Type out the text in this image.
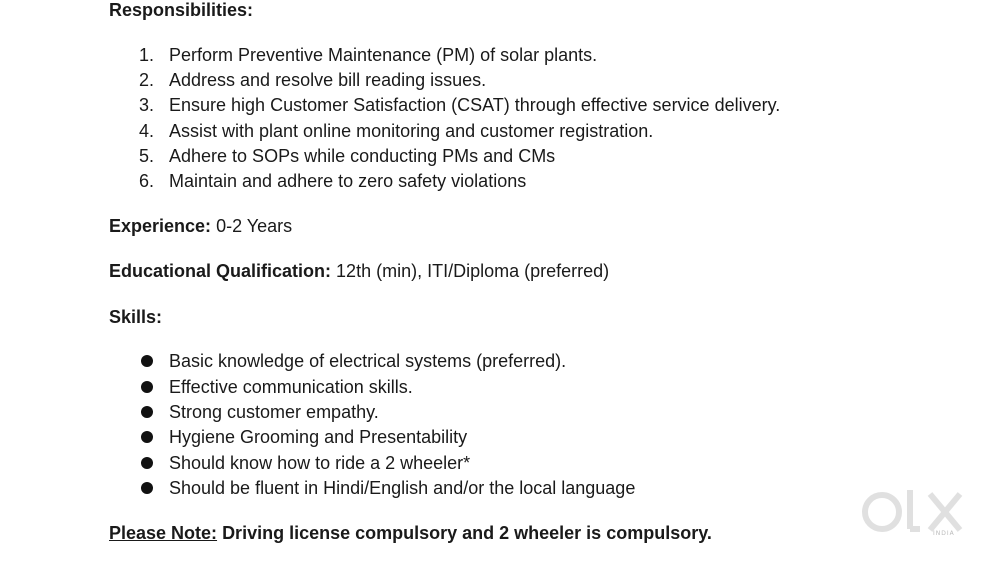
Responsibilities:
1. Perform Preventive Maintenance (PM) of solar plants.
2. Address and resolve bill reading issues.
3. Ensure high Customer Satisfaction (CSAT) through effective service delivery.
4. Assist with plant online monitoring and customer registration.
5. Adhere to SOPs while conducting PMs and CMs
6. Maintain and adhere to zero safety violations
Experience: 0-2 Years
Educational Qualification: 12th (min), ITI/Diploma (preferred)
Skills:
Basic knowledge of electrical systems (preferred).
Effective communication skills.
Strong customer empathy.
Hygiene Grooming and Presentability
Should know how to ride a 2 wheeler*
Should be fluent in Hindi/English and/or the local language
Please Note: Driving license compulsory and 2 wheeler is compulsory.	INDIA
